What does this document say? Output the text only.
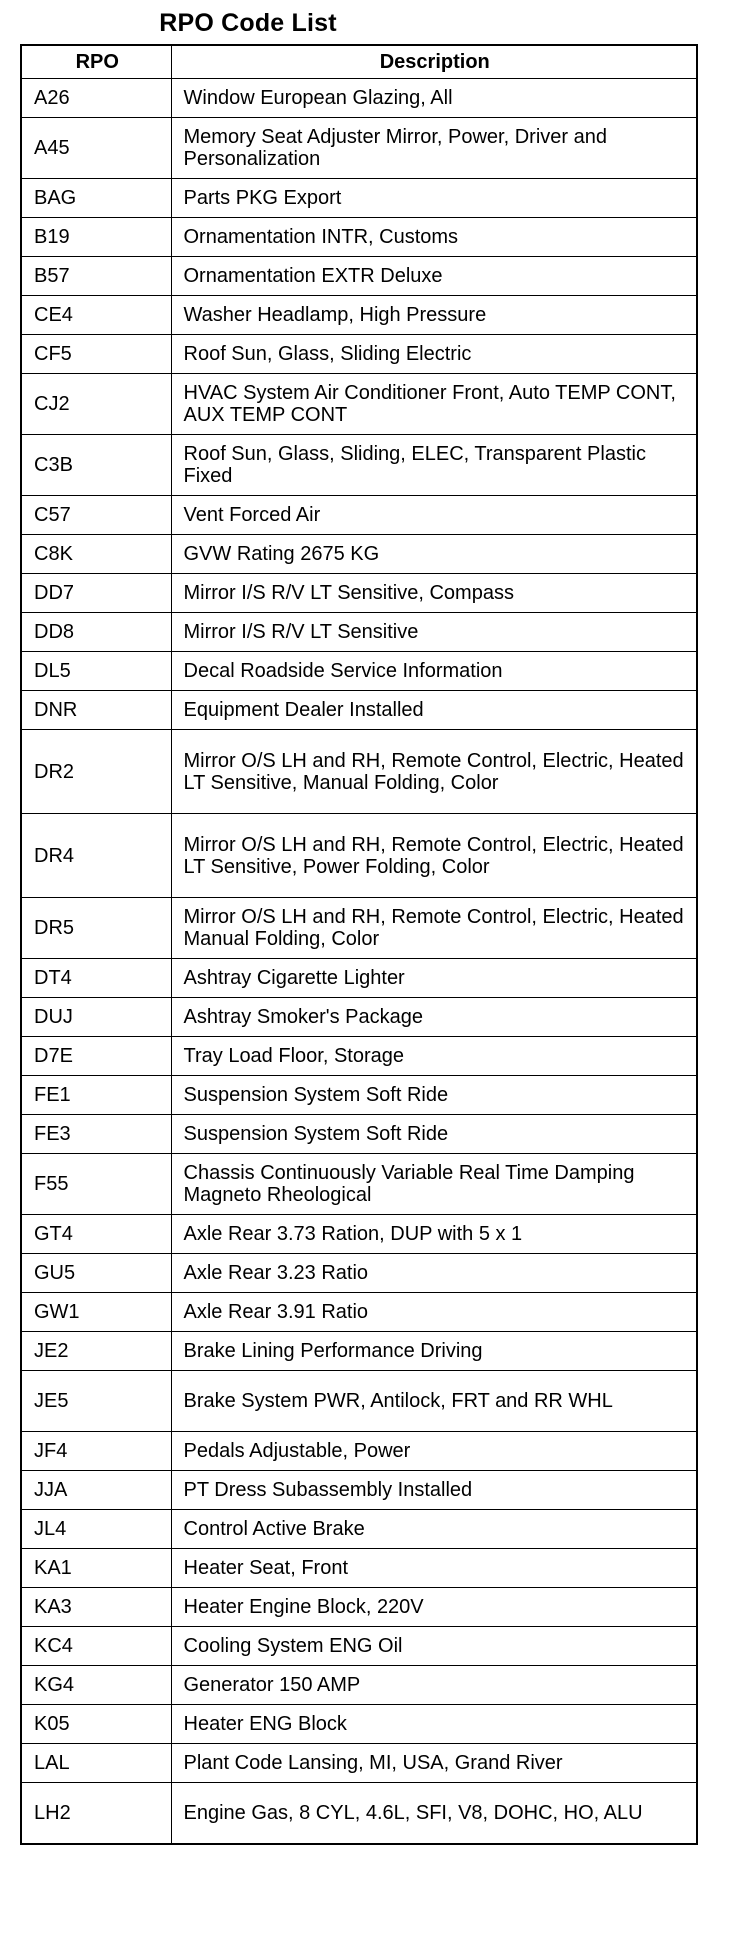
RPO Code List
RPO	Description
A26	Window European Glazing, All
A45	Memory Seat Adjuster Mirror, Power, Driver and Personalization
BAG	Parts PKG Export
B19	Ornamentation INTR, Customs
B57	Ornamentation EXTR Deluxe
CE4	Washer Headlamp, High Pressure
CF5	Roof Sun, Glass, Sliding Electric
CJ2	HVAC System Air Conditioner Front, Auto TEMP CONT, AUX TEMP CONT
C3B	Roof Sun, Glass, Sliding, ELEC, Transparent Plastic Fixed
C57	Vent Forced Air
C8K	GVW Rating 2675 KG
DD7	Mirror I/S R/V LT Sensitive, Compass
DD8	Mirror I/S R/V LT Sensitive
DL5	Decal Roadside Service Information
DNR	Equipment Dealer Installed
DR2	Mirror O/S LH and RH, Remote Control, Electric, Heated LT Sensitive, Manual Folding, Color
DR4	Mirror O/S LH and RH, Remote Control, Electric, Heated LT Sensitive, Power Folding, Color
DR5	Mirror O/S LH and RH, Remote Control, Electric, Heated Manual Folding, Color
DT4	Ashtray Cigarette Lighter
DUJ	Ashtray Smoker's Package
D7E	Tray Load Floor, Storage
FE1	Suspension System Soft Ride
FE3	Suspension System Soft Ride
F55	Chassis Continuously Variable Real Time Damping Magneto Rheological
GT4	Axle Rear 3.73 Ration, DUP with 5 x 1
GU5	Axle Rear 3.23 Ratio
GW1	Axle Rear 3.91 Ratio
JE2	Brake Lining Performance Driving
JE5	Brake System PWR, Antilock, FRT and RR WHL
JF4	Pedals Adjustable, Power
JJA	PT Dress Subassembly Installed
JL4	Control Active Brake
KA1	Heater Seat, Front
KA3	Heater Engine Block, 220V
KC4	Cooling System ENG Oil
KG4	Generator 150 AMP
K05	Heater ENG Block
LAL	Plant Code Lansing, MI, USA, Grand River
LH2	Engine Gas, 8 CYL, 4.6L, SFI, V8, DOHC, HO, ALU
